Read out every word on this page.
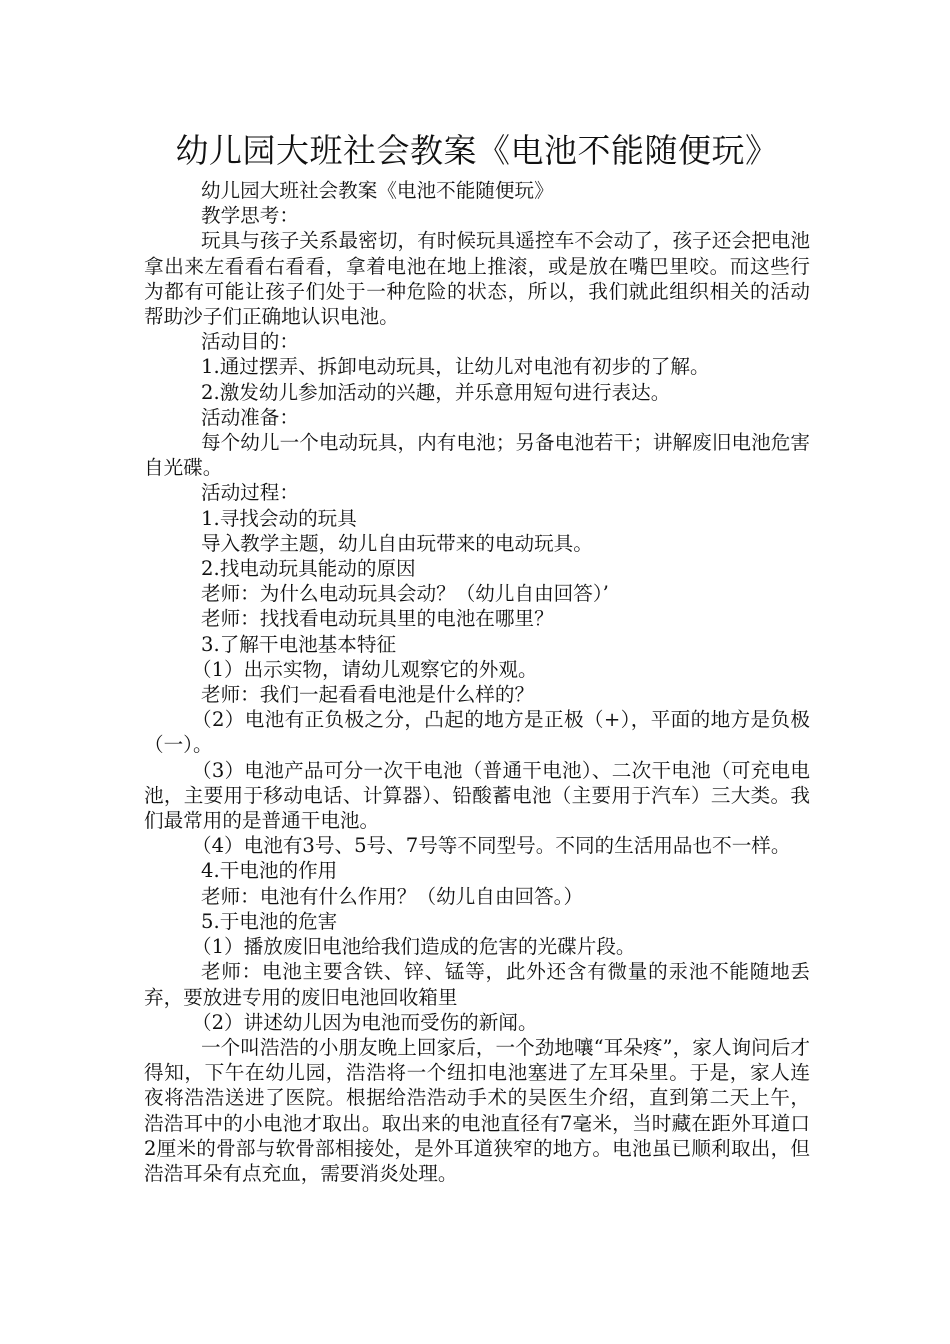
幼儿园大班社会教案《电池不能随便玩》

幼儿园大班社会教案《电池不能随便玩》

教学思考：

玩具与孩子关系最密切，有时候玩具遥控车不会动了，孩子还会把电池拿出来左看看右看看，拿着电池在地上推滚，或是放在嘴巴里咬。而这些行为都有可能让孩子们处于一种危险的状态，所以，我们就此组织相关的活动帮助沙子们正确地认识电池。

活动目的：

1.通过摆弄、拆卸电动玩具，让幼儿对电池有初步的了解。

2.激发幼儿参加活动的兴趣，并乐意用短句进行表达。

活动准备：

每个幼儿一个电动玩具，内有电池；另备电池若干；讲解废旧电池危害自光碟。

活动过程：

1.寻找会动的玩具

导入教学主题，幼儿自由玩带来的电动玩具。

2.找电动玩具能动的原因

老师：为什么电动玩具会动？（幼儿自由回答）’

老师：找找看电动玩具里的电池在哪里？

3.了解干电池基本特征

（1）出示实物，请幼儿观察它的外观。

老师：我们一起看看电池是什么样的？

（2）电池有正负极之分，凸起的地方是正极（+），平面的地方是负极（一）。

（3）电池产品可分一次干电池（普通干电池）、二次干电池（可充电电池，主要用于移动电话、计算器）、铅酸蓄电池（主要用于汽车）三大类。我们最常用的是普通干电池。

（4）电池有3号、5号、7号等不同型号。不同的生活用品也不一样。

4.干电池的作用

老师：电池有什么作用？（幼儿自由回答。）

5.于电池的危害

（1）播放废旧电池给我们造成的危害的光碟片段。

老师：电池主要含铁、锌、锰等，此外还含有微量的汞池不能随地丢弃，要放进专用的废旧电池回收箱里

（2）讲述幼儿因为电池而受伤的新闻。

一个叫浩浩的小朋友晚上回家后，一个劲地嚷“耳朵疼”，家人询问后才得知，下午在幼儿园，浩浩将一个纽扣电池塞进了左耳朵里。于是，家人连夜将浩浩送进了医院。根据给浩浩动手术的吴医生介绍，直到第二天上午，浩浩耳中的小电池才取出。取出来的电池直径有7毫米，当时藏在距外耳道口2厘米的骨部与软骨部相接处，是外耳道狭窄的地方。电池虽已顺利取出，但浩浩耳朵有点充血，需要消炎处理。
